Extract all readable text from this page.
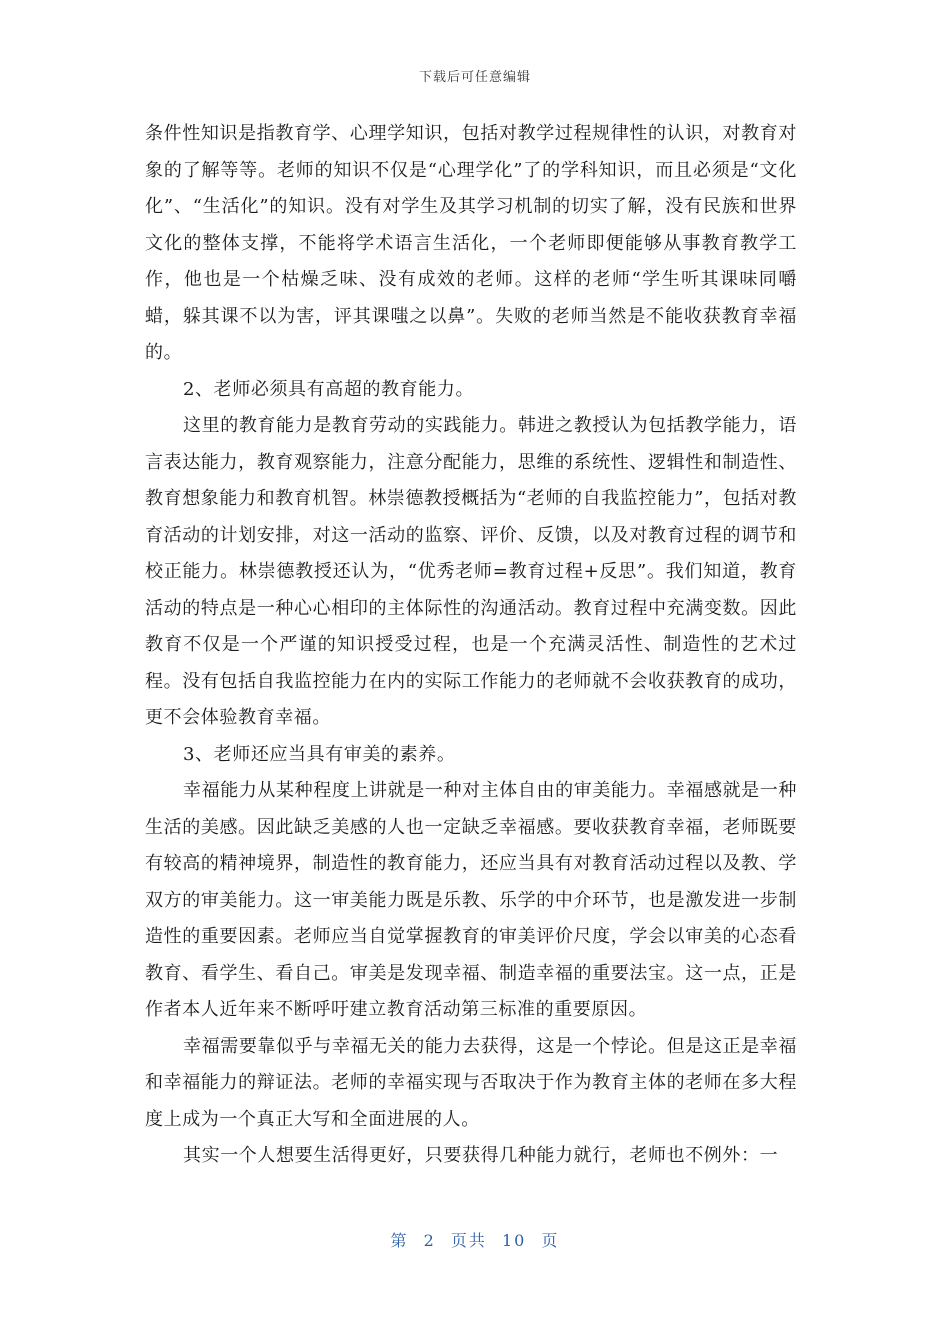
下载后可任意编辑

条件性知识是指教育学、心理学知识，包括对教学过程规律性的认识，对教育对象的了解等等。老师的知识不仅是“心理学化”了的学科知识，而且必须是“文化化”、“生活化”的知识。没有对学生及其学习机制的切实了解，没有民族和世界文化的整体支撑，不能将学术语言生活化，一个老师即便能够从事教育教学工作，他也是一个枯燥乏味、没有成效的老师。这样的老师“学生听其课味同嚼蜡，躲其课不以为害，评其课嗤之以鼻”。失败的老师当然是不能收获教育幸福的。

2、老师必须具有高超的教育能力。

这里的教育能力是教育劳动的实践能力。韩进之教授认为包括教学能力，语言表达能力，教育观察能力，注意分配能力，思维的系统性、逻辑性和制造性、教育想象能力和教育机智。林崇德教授概括为“老师的自我监控能力”，包括对教育活动的计划安排，对这一活动的监察、评价、反馈，以及对教育过程的调节和校正能力。林崇德教授还认为，“优秀老师=教育过程+反思”。我们知道，教育活动的特点是一种心心相印的主体际性的沟通活动。教育过程中充满变数。因此教育不仅是一个严谨的知识授受过程，也是一个充满灵活性、制造性的艺术过程。没有包括自我监控能力在内的实际工作能力的老师就不会收获教育的成功，更不会体验教育幸福。

3、老师还应当具有审美的素养。

幸福能力从某种程度上讲就是一种对主体自由的审美能力。幸福感就是一种生活的美感。因此缺乏美感的人也一定缺乏幸福感。要收获教育幸福，老师既要有较高的精神境界，制造性的教育能力，还应当具有对教育活动过程以及教、学双方的审美能力。这一审美能力既是乐教、乐学的中介环节，也是激发进一步制造性的重要因素。老师应当自觉掌握教育的审美评价尺度，学会以审美的心态看教育、看学生、看自己。审美是发现幸福、制造幸福的重要法宝。这一点，正是作者本人近年来不断呼吁建立教育活动第三标准的重要原因。

幸福需要靠似乎与幸福无关的能力去获得，这是一个悖论。但是这正是幸福和幸福能力的辩证法。老师的幸福实现与否取决于作为教育主体的老师在多大程度上成为一个真正大写和全面进展的人。

其实一个人想要生活得更好，只要获得几种能力就行，老师也不例外：一

第 2 页共 10 页
